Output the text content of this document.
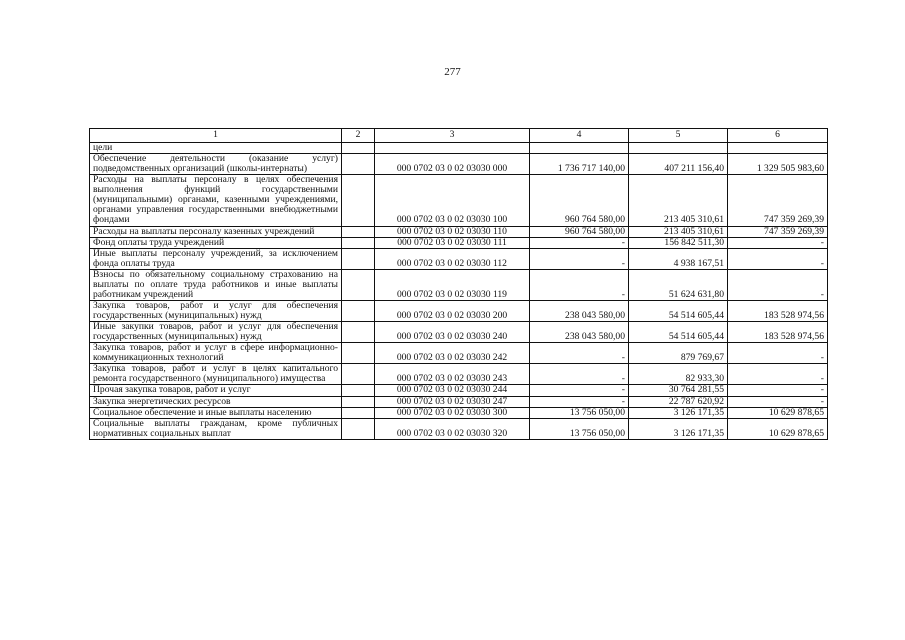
277
1	2	3	4	5	6
цели					
Обеспечение деятельности (оказание услуг) подведомственных организаций (школы-интернаты)		000 0702 03 0 02 03030 000	1 736 717 140,00	407 211 156,40	1 329 505 983,60
Расходы на выплаты персоналу в целях обеспечения выполнения функций государственными (муниципальными) органами, казенными учреждениями, органами управления государственными внебюджетными фондами		000 0702 03 0 02 03030 100	960 764 580,00	213 405 310,61	747 359 269,39
Расходы на выплаты персоналу казенных учреждений		000 0702 03 0 02 03030 110	960 764 580,00	213 405 310,61	747 359 269,39
Фонд оплаты труда учреждений		000 0702 03 0 02 03030 111	-	156 842 511,30	-
Иные выплаты персоналу учреждений, за исключением фонда оплаты труда		000 0702 03 0 02 03030 112	-	4 938 167,51	-
Взносы по обязательному социальному страхованию на выплаты по оплате труда работников и иные выплаты работникам учреждений		000 0702 03 0 02 03030 119	-	51 624 631,80	-
Закупка товаров, работ и услуг для обеспечения государственных (муниципальных) нужд		000 0702 03 0 02 03030 200	238 043 580,00	54 514 605,44	183 528 974,56
Иные закупки товаров, работ и услуг для обеспечения государственных (муниципальных) нужд		000 0702 03 0 02 03030 240	238 043 580,00	54 514 605,44	183 528 974,56
Закупка товаров, работ и услуг в сфере информационно-коммуникационных технологий		000 0702 03 0 02 03030 242	-	879 769,67	-
Закупка товаров, работ и услуг в целях капитального ремонта государственного (муниципального) имущества		000 0702 03 0 02 03030 243	-	82 933,30	-
Прочая закупка товаров, работ и услуг		000 0702 03 0 02 03030 244	-	30 764 281,55	-
Закупка энергетических ресурсов		000 0702 03 0 02 03030 247	-	22 787 620,92	-
Социальное обеспечение и иные выплаты населению		000 0702 03 0 02 03030 300	13 756 050,00	3 126 171,35	10 629 878,65
Социальные выплаты гражданам, кроме публичных нормативных социальных выплат		000 0702 03 0 02 03030 320	13 756 050,00	3 126 171,35	10 629 878,65
